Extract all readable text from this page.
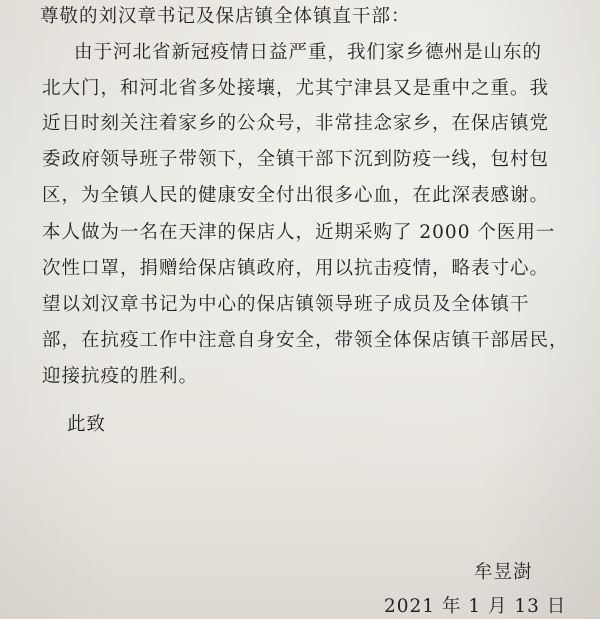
尊敬的刘汉章书记及保店镇全体镇直干部：
由于河北省新冠疫情日益严重，我们家乡德州是山东的
北大门，和河北省多处接壤，尤其宁津县又是重中之重。我
近日时刻关注着家乡的公众号，非常挂念家乡，在保店镇党
委政府领导班子带领下，全镇干部下沉到防疫一线，包村包
区，为全镇人民的健康安全付出很多心血，在此深表感谢。
本人做为一名在天津的保店人，近期采购了 2000 个医用一
次性口罩，捐赠给保店镇政府，用以抗击疫情，略表寸心。
望以刘汉章书记为中心的保店镇领导班子成员及全体镇干
部，在抗疫工作中注意自身安全，带领全体保店镇干部居民，
迎接抗疫的胜利。
此致
牟昱澍
2021 年 1 月 13 日
